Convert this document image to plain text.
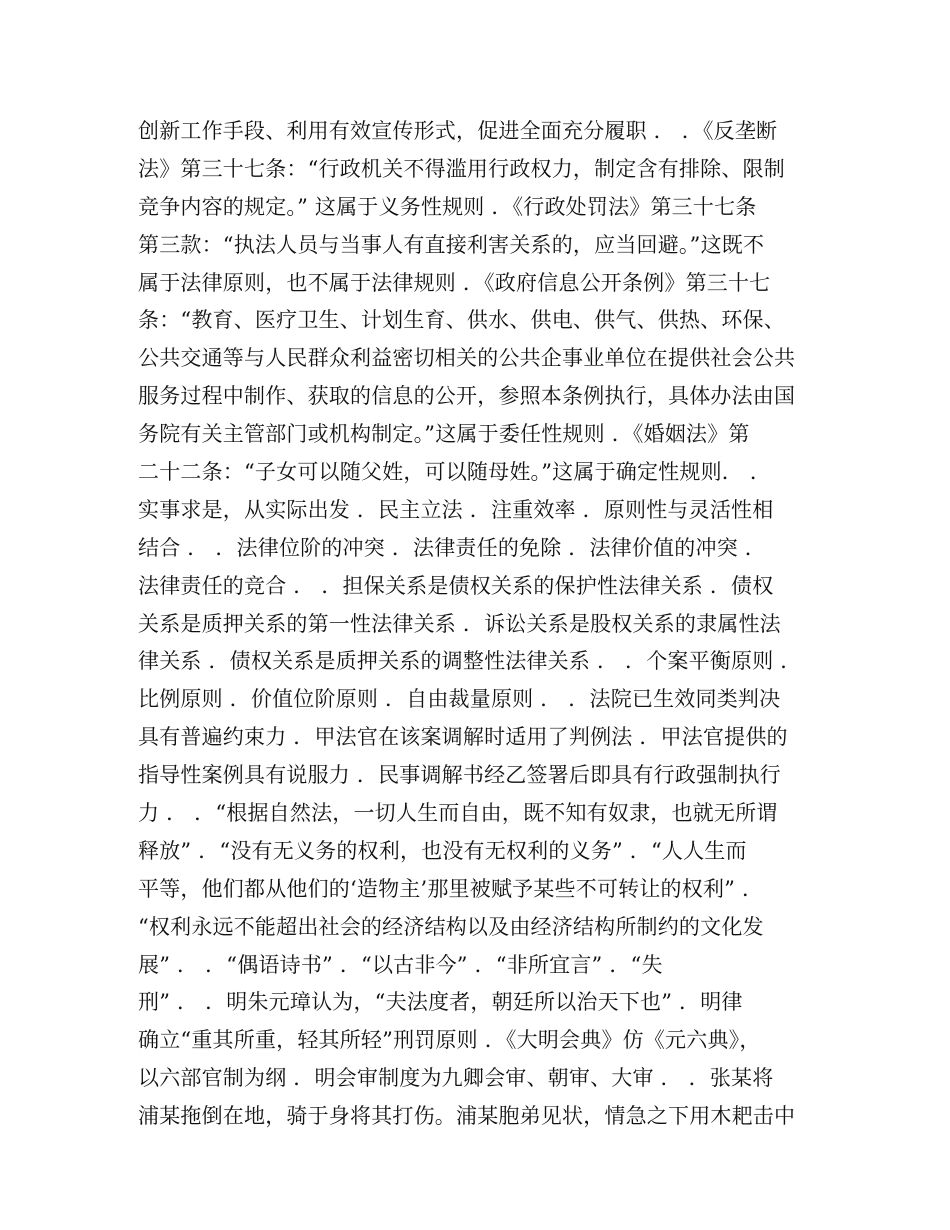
创新工作手段、利用有效宣传形式，促进全面充分履职 ． ．《反垄断
法》第三十七条：“行政机关不得滥用行政权力，制定含有排除、限制
竞争内容的规定。” 这属于义务性规则 ．《行政处罚法》第三十七条
第三款：“执法人员与当事人有直接利害关系的，应当回避。”这既不
属于法律原则，也不属于法律规则 ．《政府信息公开条例》第三十七
条：“教育、医疗卫生、计划生育、供水、供电、供气、供热、环保、
公共交通等与人民群众利益密切相关的公共企事业单位在提供社会公共
服务过程中制作、获取的信息的公开，参照本条例执行，具体办法由国
务院有关主管部门或机构制定。”这属于委任性规则 ．《婚姻法》第
二十二条：“子女可以随父姓，可以随母姓。”这属于确定性规则． ．
实事求是，从实际出发 ．民主立法 ．注重效率 ．原则性与灵活性相
结合 ． ．法律位阶的冲突 ．法律责任的免除 ．法律价值的冲突 ．
法律责任的竞合 ． ．担保关系是债权关系的保护性法律关系 ．债权
关系是质押关系的第一性法律关系 ．诉讼关系是股权关系的隶属性法
律关系 ．债权关系是质押关系的调整性法律关系 ． ．个案平衡原则 ．
比例原则 ．价值位阶原则 ．自由裁量原则 ． ．法院已生效同类判决
具有普遍约束力 ．甲法官在该案调解时适用了判例法 ．甲法官提供的
指导性案例具有说服力 ．民事调解书经乙签署后即具有行政强制执行
力 ． ．“根据自然法，一切人生而自由，既不知有奴隶，也就无所谓
释放” ．“没有无义务的权利，也没有无权利的义务” ．“人人生而
平等，他们都从他们的‘造物主’那里被赋予某些不可转让的权利” ．
“权利永远不能超出社会的经济结构以及由经济结构所制约的文化发
展” ． ．“偶语诗书” ．“以古非今” ．“非所宜言” ．“失
刑” ． ．明朱元璋认为，“夫法度者，朝廷所以治天下也” ．明律
确立“重其所重，轻其所轻”刑罚原则 ．《大明会典》仿《元六典》，
以六部官制为纲 ．明会审制度为九卿会审、朝审、大审 ． ．张某将
浦某拖倒在地，骑于身将其打伤。浦某胞弟见状，情急之下用木耙击中
